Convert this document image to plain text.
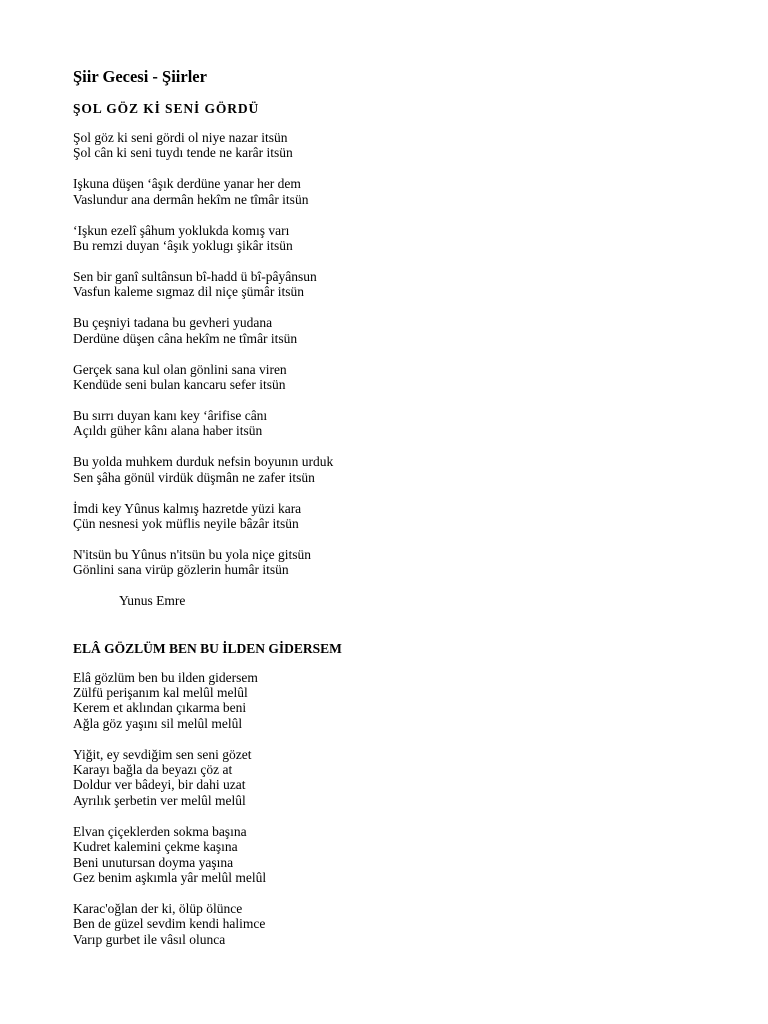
Şiir Gecesi - Şiirler
ŞOL GÖZ Kİ SENİ GÖRDÜ
Şol göz ki seni gördi ol niye nazar itsün
Şol cân ki seni tuydı tende ne karâr itsün
Işkuna düşen ‘âşık derdüne yanar her dem
Vaslundur ana dermân hekîm ne tîmâr itsün
‘Işkun ezelî şâhum yoklukda komış varı
Bu remzi duyan ‘âşık yoklugı şikâr itsün
Sen bir ganî sultânsun bî-hadd ü bî-pâyânsun
Vasfun kaleme sıgmaz dil niçe şümâr itsün
Bu çeşniyi tadana bu gevheri yudana
Derdüne düşen câna hekîm ne tîmâr itsün
Gerçek sana kul olan gönlini sana viren
Kendüde seni bulan kancaru sefer itsün
Bu sırrı duyan kanı key ‘ârifise cânı
Açıldı güher kânı alana haber itsün
Bu yolda muhkem durduk nefsin boyunın urduk
Sen şâha gönül virdük düşmân ne zafer itsün
İmdi key Yûnus kalmış hazretde yüzi kara
Çün nesnesi yok müflis neyile bâzâr itsün
N'itsün bu Yûnus n'itsün bu yola niçe gitsün
Gönlini sana virüp gözlerin humâr itsün
Yunus Emre
ELÂ GÖZLÜM BEN BU İLDEN GİDERSEM
Elâ gözlüm ben bu ilden gidersem
Zülfü perişanım kal melûl melûl
Kerem et aklından çıkarma beni
Ağla göz yaşını sil melûl melûl
Yiğit, ey sevdiğim sen seni gözet
Karayı bağla da beyazı çöz at
Doldur ver bâdeyi, bir dahi uzat
Ayrılık şerbetin ver melûl melûl
Elvan çiçeklerden sokma başına
Kudret kalemini çekme kaşına
Beni unutursan doyma yaşına
Gez benim aşkımla yâr melûl melûl
Karac'oğlan der ki, ölüp ölünce
Ben de güzel sevdim kendi halimce
Varıp gurbet ile vâsıl olunca
